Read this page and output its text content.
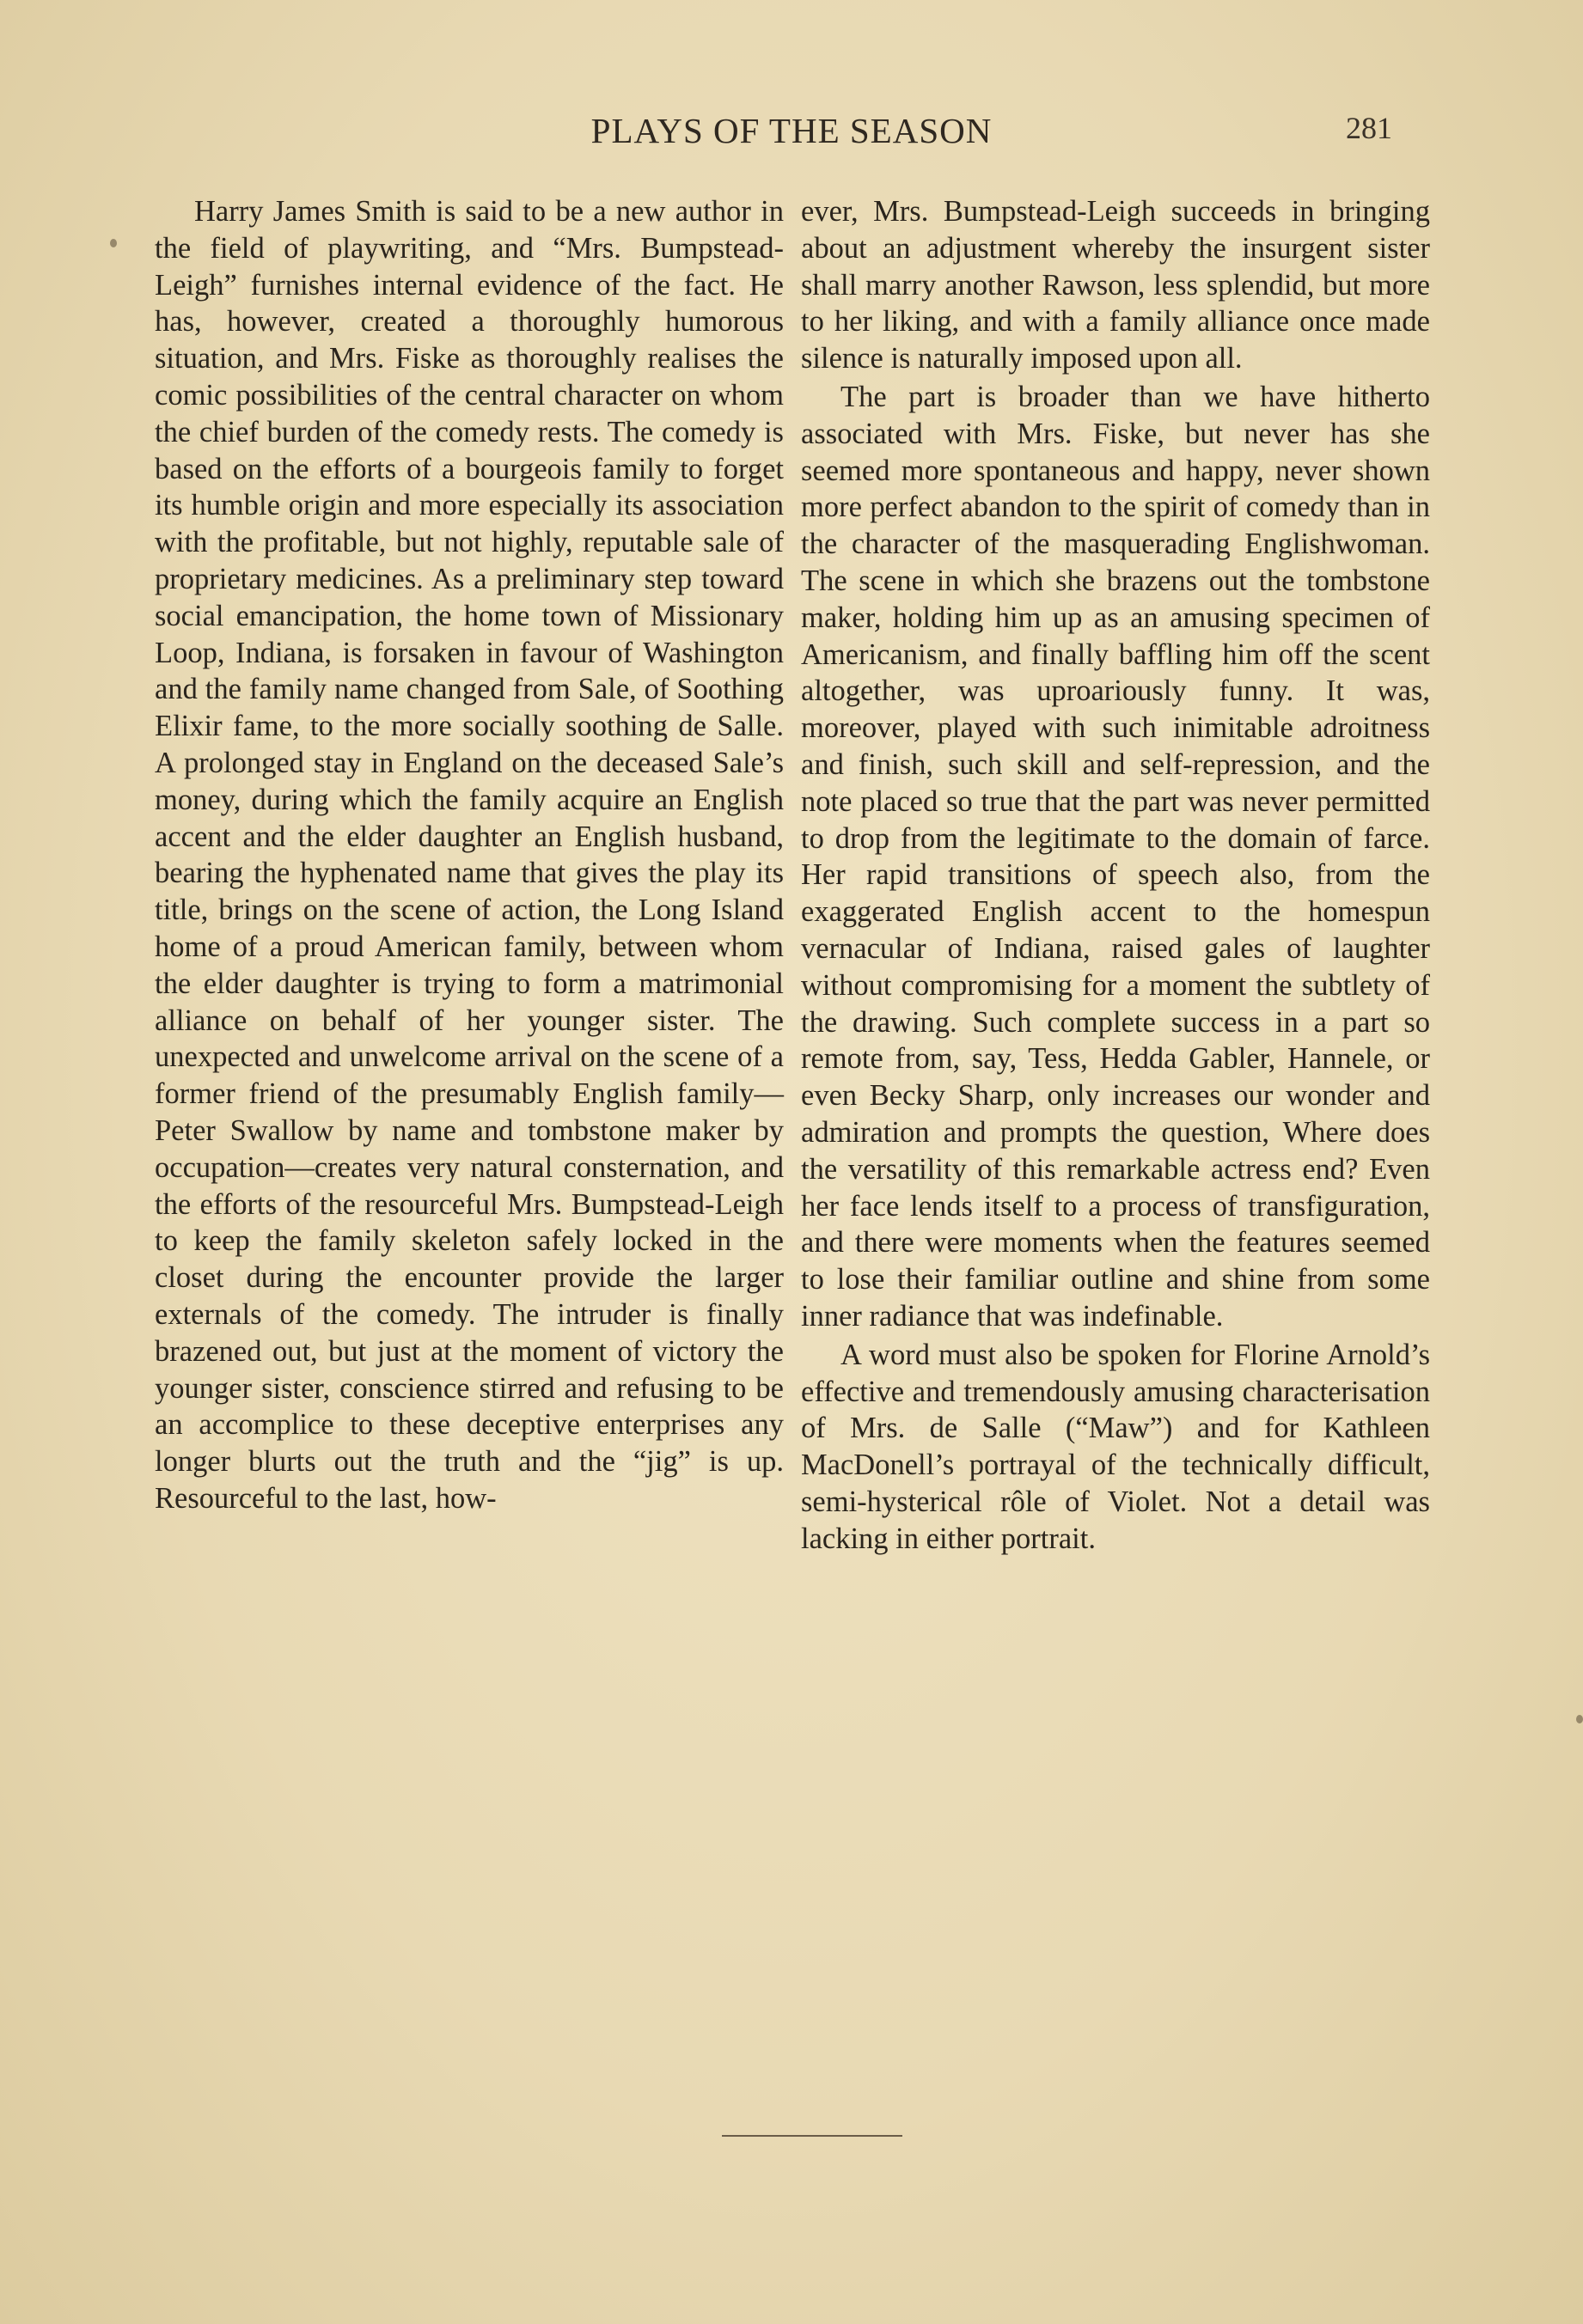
PLAYS OF THE SEASON	281

Harry James Smith is said to be a new author in the field of playwriting, and “Mrs. Bumpstead-Leigh” furnishes internal evidence of the fact. He has, however, created a thoroughly humorous situation, and Mrs. Fiske as thoroughly realises the comic possibilities of the central character on whom the chief burden of the comedy rests. The comedy is based on the efforts of a bourgeois family to forget its humble origin and more especially its association with the profitable, but not highly, reputable sale of proprietary medicines. As a preliminary step toward social emancipation, the home town of Missionary Loop, Indiana, is forsaken in favour of Washington and the family name changed from Sale, of Soothing Elixir fame, to the more socially soothing de Salle. A prolonged stay in England on the deceased Sale’s money, during which the family acquire an English accent and the elder daughter an English husband, bearing the hyphenated name that gives the play its title, brings on the scene of action, the Long Island home of a proud American family, between whom the elder daughter is trying to form a matrimonial alliance on behalf of her younger sister. The unexpected and unwelcome arrival on the scene of a former friend of the presumably English family—Peter Swallow by name and tombstone maker by occupation—creates very natural consternation, and the efforts of the resourceful Mrs. Bumpstead-Leigh to keep the family skeleton safely locked in the closet during the encounter provide the larger externals of the comedy. The intruder is finally brazened out, but just at the moment of victory the younger sister, conscience stirred and refusing to be an accomplice to these deceptive enterprises any longer blurts out the truth and the “jig” is up. Resourceful to the last, how-

ever, Mrs. Bumpstead-Leigh succeeds in bringing about an adjustment whereby the insurgent sister shall marry another Rawson, less splendid, but more to her liking, and with a family alliance once made silence is naturally imposed upon all.

The part is broader than we have hitherto associated with Mrs. Fiske, but never has she seemed more spontaneous and happy, never shown more perfect abandon to the spirit of comedy than in the character of the masquerading Englishwoman. The scene in which she brazens out the tombstone maker, holding him up as an amusing specimen of Americanism, and finally baffling him off the scent altogether, was uproariously funny. It was, moreover, played with such inimitable adroitness and finish, such skill and self-repression, and the note placed so true that the part was never permitted to drop from the legitimate to the domain of farce. Her rapid transitions of speech also, from the exaggerated English accent to the homespun vernacular of Indiana, raised gales of laughter without compromising for a moment the subtlety of the drawing. Such complete success in a part so remote from, say, Tess, Hedda Gabler, Hannele, or even Becky Sharp, only increases our wonder and admiration and prompts the question, Where does the versatility of this remarkable actress end? Even her face lends itself to a process of transfiguration, and there were moments when the features seemed to lose their familiar outline and shine from some inner radiance that was indefinable.

A word must also be spoken for Florine Arnold’s effective and tremendously amusing characterisation of Mrs. de Salle (“Maw”) and for Kathleen MacDonell’s portrayal of the technically difficult, semi-hysterical rôle of Violet. Not a detail was lacking in either portrait.
